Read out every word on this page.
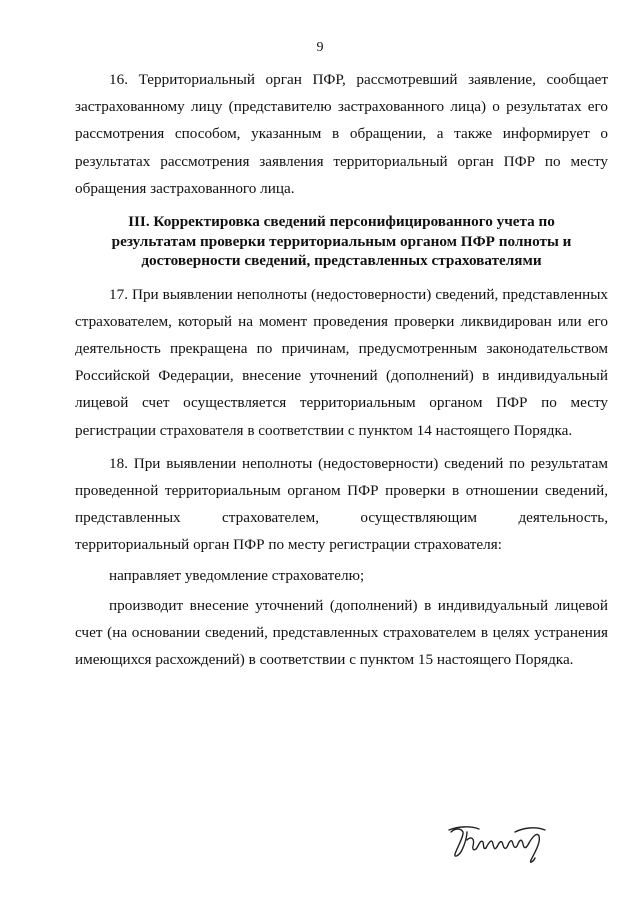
9

16. Территориальный орган ПФР, рассмотревший заявление, сообщает застрахованному лицу (представителю застрахованного лица) о результатах его рассмотрения способом, указанным в обращении, а также информирует о результатах рассмотрения заявления территориальный орган ПФР по месту обращения застрахованного лица.

III. Корректировка сведений персонифицированного учета по результатам проверки территориальным органом ПФР полноты и достоверности сведений, представленных страхователями

17. При выявлении неполноты (недостоверности) сведений, представленных страхователем, который на момент проведения проверки ликвидирован или его деятельность прекращена по причинам, предусмотренным законодательством Российской Федерации, внесение уточнений (дополнений) в индивидуальный лицевой счет осуществляется территориальным органом ПФР по месту регистрации страхователя в соответствии с пунктом 14 настоящего Порядка.

18. При выявлении неполноты (недостоверности) сведений по результатам проведенной территориальным органом ПФР проверки в отношении сведений, представленных страхователем, осуществляющим деятельность, территориальный орган ПФР по месту регистрации страхователя:

направляет уведомление страхователю;

производит внесение уточнений (дополнений) в индивидуальный лицевой счет (на основании сведений, представленных страхователем в целях устранения имеющихся расхождений) в соответствии с пунктом 15 настоящего Порядка.
